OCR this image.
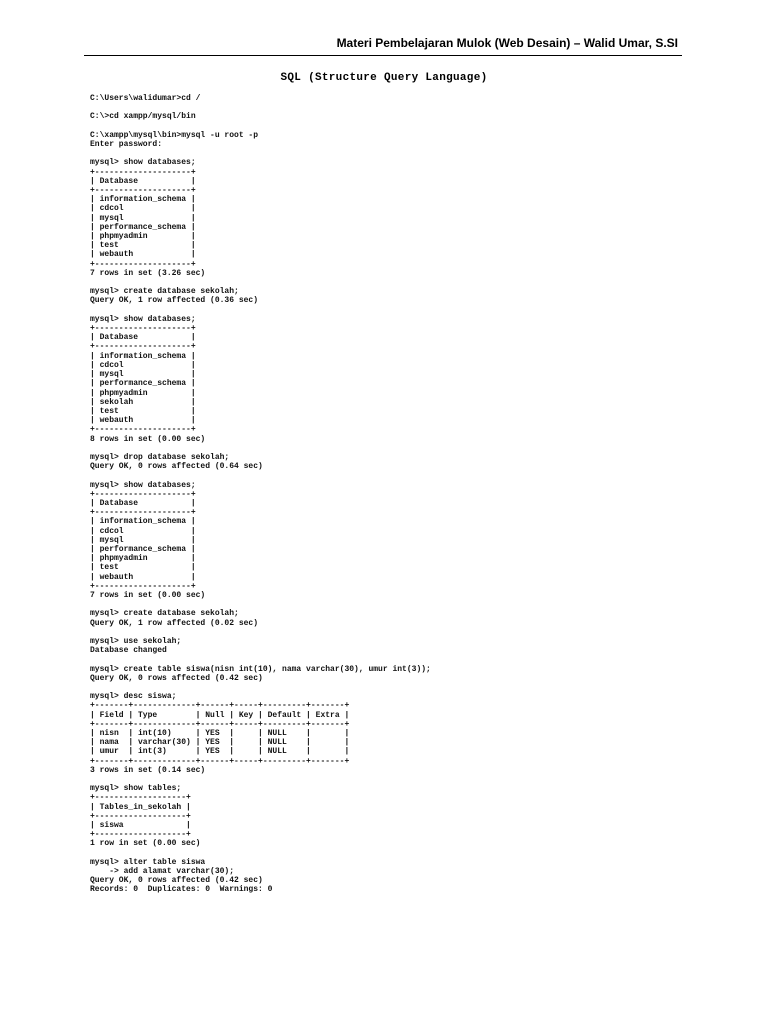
Materi Pembelajaran Mulok (Web Desain) – Walid Umar, S.SI
SQL (Structure Query Language)
C:\Users\walidumar>cd /

C:\>cd xampp/mysql/bin

C:\xampp\mysql\bin>mysql -u root -p
Enter password:

mysql> show databases;
+--------------------+
| Database           |
+--------------------+
| information_schema |
| cdcol              |
| mysql              |
| performance_schema |
| phpmyadmin         |
| test               |
| webauth            |
+--------------------+
7 rows in set (3.26 sec)

mysql> create database sekolah;
Query OK, 1 row affected (0.36 sec)

mysql> show databases;
+--------------------+
| Database           |
+--------------------+
| information_schema |
| cdcol              |
| mysql              |
| performance_schema |
| phpmyadmin         |
| sekolah            |
| test               |
| webauth            |
+--------------------+
8 rows in set (0.00 sec)

mysql> drop database sekolah;
Query OK, 0 rows affected (0.64 sec)

mysql> show databases;
+--------------------+
| Database           |
+--------------------+
| information_schema |
| cdcol              |
| mysql              |
| performance_schema |
| phpmyadmin         |
| test               |
| webauth            |
+--------------------+
7 rows in set (0.00 sec)

mysql> create database sekolah;
Query OK, 1 row affected (0.02 sec)

mysql> use sekolah;
Database changed

mysql> create table siswa(nisn int(10), nama varchar(30), umur int(3));
Query OK, 0 rows affected (0.42 sec)

mysql> desc siswa;
+-------+-------------+------+-----+---------+-------+
| Field | Type        | Null | Key | Default | Extra |
+-------+-------------+------+-----+---------+-------+
| nisn  | int(10)     | YES  |     | NULL    |       |
| nama  | varchar(30) | YES  |     | NULL    |       |
| umur  | int(3)      | YES  |     | NULL    |       |
+-------+-------------+------+-----+---------+-------+
3 rows in set (0.14 sec)

mysql> show tables;
+-------------------+
| Tables_in_sekolah |
+-------------------+
| siswa             |
+-------------------+
1 row in set (0.00 sec)

mysql> alter table siswa
-> add alamat varchar(30);
Query OK, 0 rows affected (0.42 sec)
Records: 0  Duplicates: 0  Warnings: 0
